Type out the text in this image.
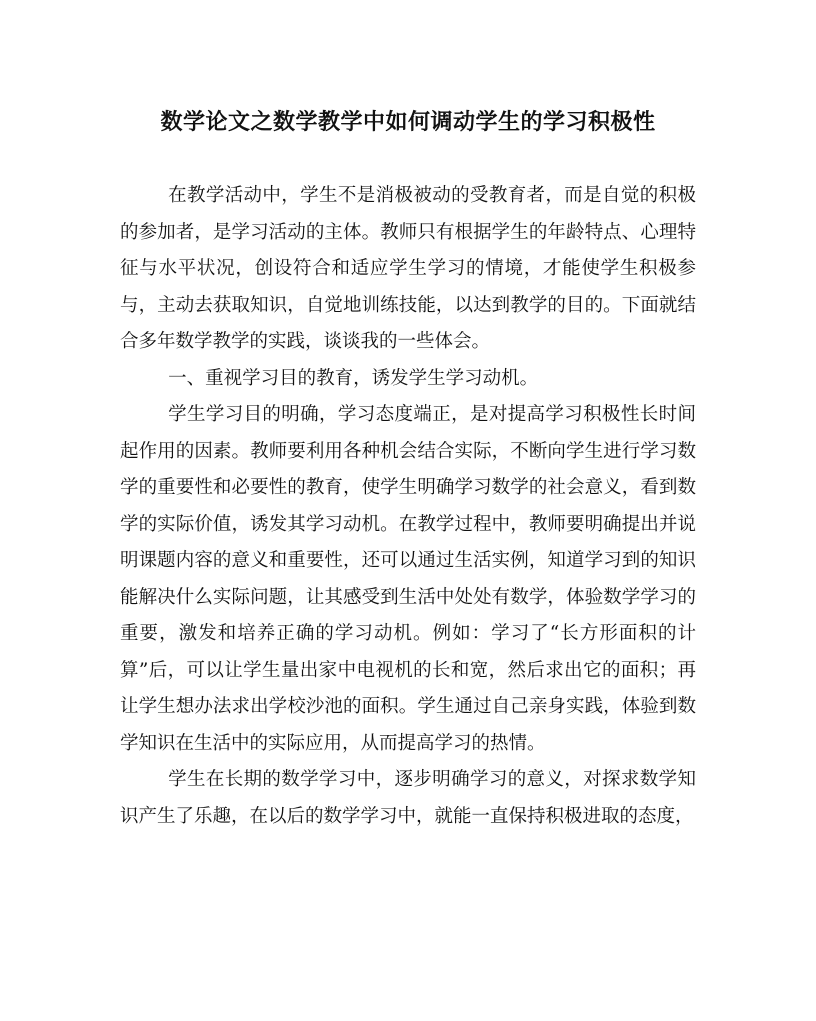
数学论文之数学教学中如何调动学生的学习积极性

在教学活动中，学生不是消极被动的受教育者，而是自觉的积极的参加者，是学习活动的主体。教师只有根据学生的年龄特点、心理特征与水平状况，创设符合和适应学生学习的情境，才能使学生积极参与，主动去获取知识，自觉地训练技能，以达到教学的目的。下面就结合多年数学教学的实践，谈谈我的一些体会。

一、重视学习目的教育，诱发学生学习动机。

学生学习目的明确，学习态度端正，是对提高学习积极性长时间起作用的因素。教师要利用各种机会结合实际，不断向学生进行学习数学的重要性和必要性的教育，使学生明确学习数学的社会意义，看到数学的实际价值，诱发其学习动机。在教学过程中，教师要明确提出并说明课题内容的意义和重要性，还可以通过生活实例，知道学习到的知识能解决什么实际问题，让其感受到生活中处处有数学，体验数学学习的重要，激发和培养正确的学习动机。例如：学习了“长方形面积的计算”后，可以让学生量出家中电视机的长和宽，然后求出它的面积；再让学生想办法求出学校沙池的面积。学生通过自己亲身实践，体验到数学知识在生活中的实际应用，从而提高学习的热情。

学生在长期的数学学习中，逐步明确学习的意义，对探求数学知识产生了乐趣，在以后的数学学习中，就能一直保持积极进取的态度，
